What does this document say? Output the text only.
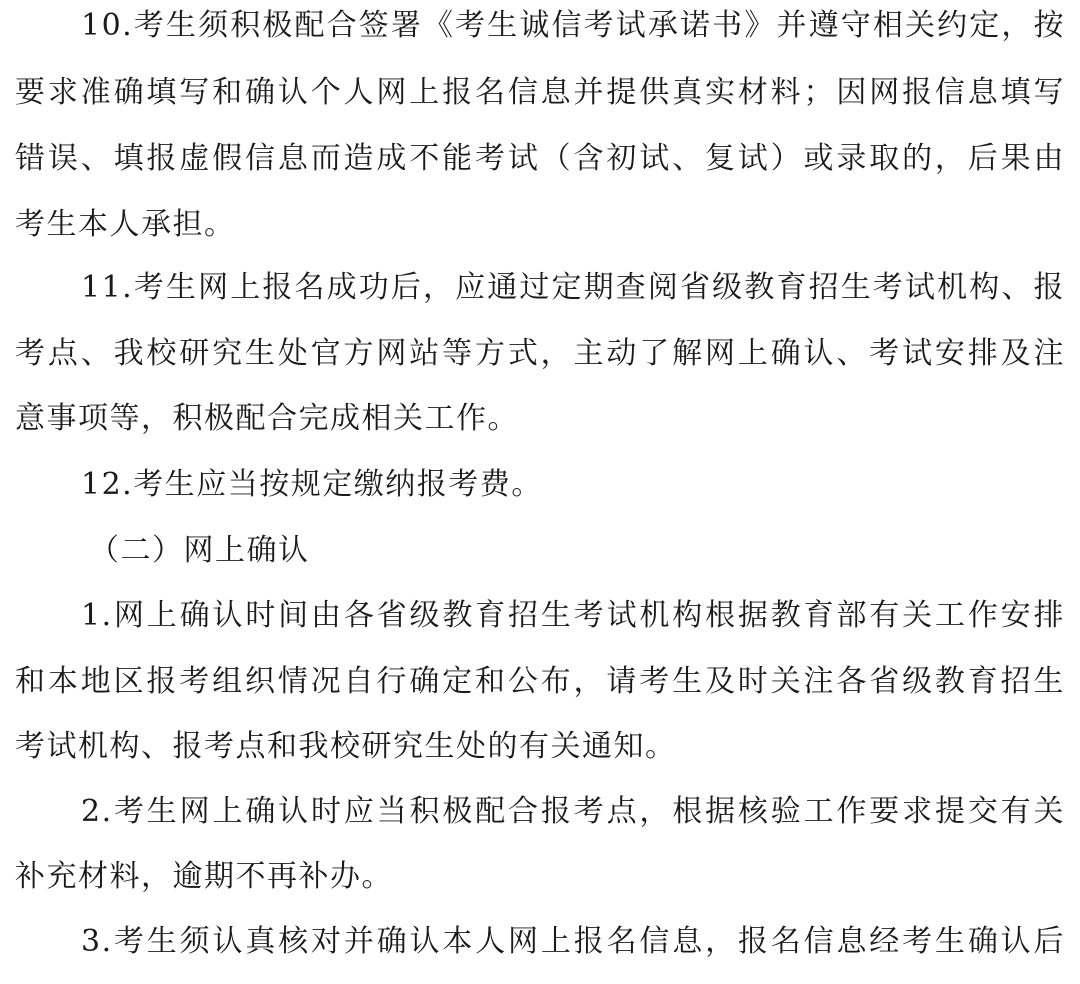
10.考生须积极配合签署《考生诚信考试承诺书》并遵守相关约定，按

要求准确填写和确认个人网上报名信息并提供真实材料；因网报信息填写

错误、填报虚假信息而造成不能考试（含初试、复试）或录取的，后果由

考生本人承担。

11.考生网上报名成功后，应通过定期查阅省级教育招生考试机构、报

考点、我校研究生处官方网站等方式，主动了解网上确认、考试安排及注

意事项等，积极配合完成相关工作。

12.考生应当按规定缴纳报考费。

（二）网上确认

1.网上确认时间由各省级教育招生考试机构根据教育部有关工作安排

和本地区报考组织情况自行确定和公布，请考生及时关注各省级教育招生

考试机构、报考点和我校研究生处的有关通知。

2.考生网上确认时应当积极配合报考点，根据核验工作要求提交有关

补充材料，逾期不再补办。

3.考生须认真核对并确认本人网上报名信息，报名信息经考生确认后
